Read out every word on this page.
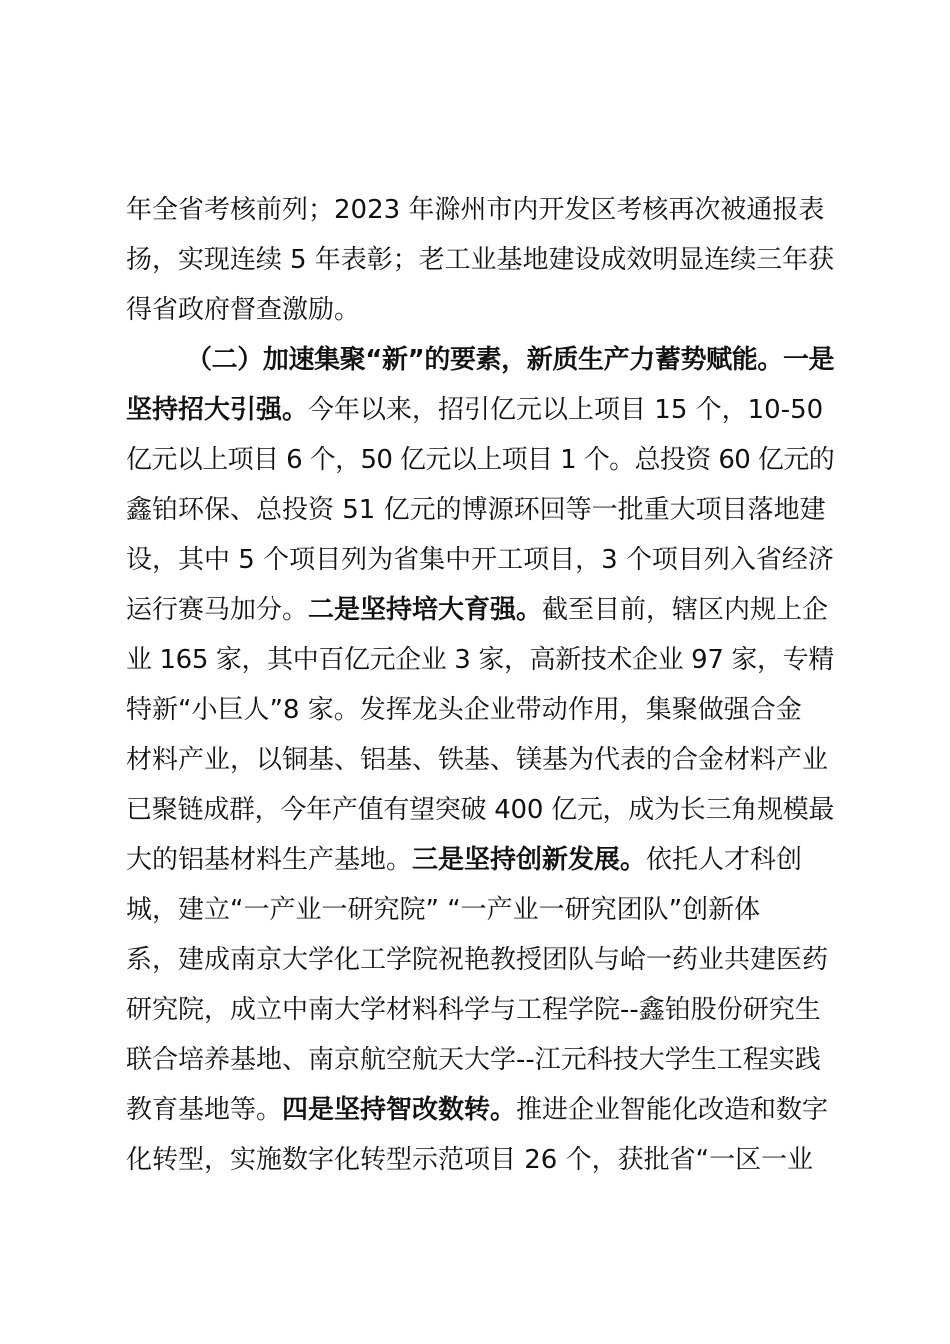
年全省考核前列；2023 年滁州市内开发区考核再次被通报表
扬，实现连续 5 年表彰；老工业基地建设成效明显连续三年获
得省政府督查激励。
（二）加速集聚“新”的要素，新质生产力蓄势赋能。一是
坚持招大引强。今年以来，招引亿元以上项目 15 个，10-50
亿元以上项目 6 个，50 亿元以上项目 1 个。总投资 60 亿元的
鑫铂环保、总投资 51 亿元的博源环回等一批重大项目落地建
设，其中 5 个项目列为省集中开工项目，3 个项目列入省经济
运行赛马加分。二是坚持培大育强。截至目前，辖区内规上企
业 165 家，其中百亿元企业 3 家，高新技术企业 97 家，专精
特新“小巨人”8 家。发挥龙头企业带动作用，集聚做强合金
材料产业，以铜基、铝基、铁基、镁基为代表的合金材料产业
已聚链成群，今年产值有望突破 400 亿元，成为长三角规模最
大的铝基材料生产基地。三是坚持创新发展。依托人才科创
城，建立“一产业一研究院” “一产业一研究团队”创新体
系，建成南京大学化工学院祝艳教授团队与峆一药业共建医药
研究院，成立中南大学材料科学与工程学院--鑫铂股份研究生
联合培养基地、南京航空航天大学--江元科技大学生工程实践
教育基地等。四是坚持智改数转。推进企业智能化改造和数字
化转型，实施数字化转型示范项目 26 个，获批省“一区一业
